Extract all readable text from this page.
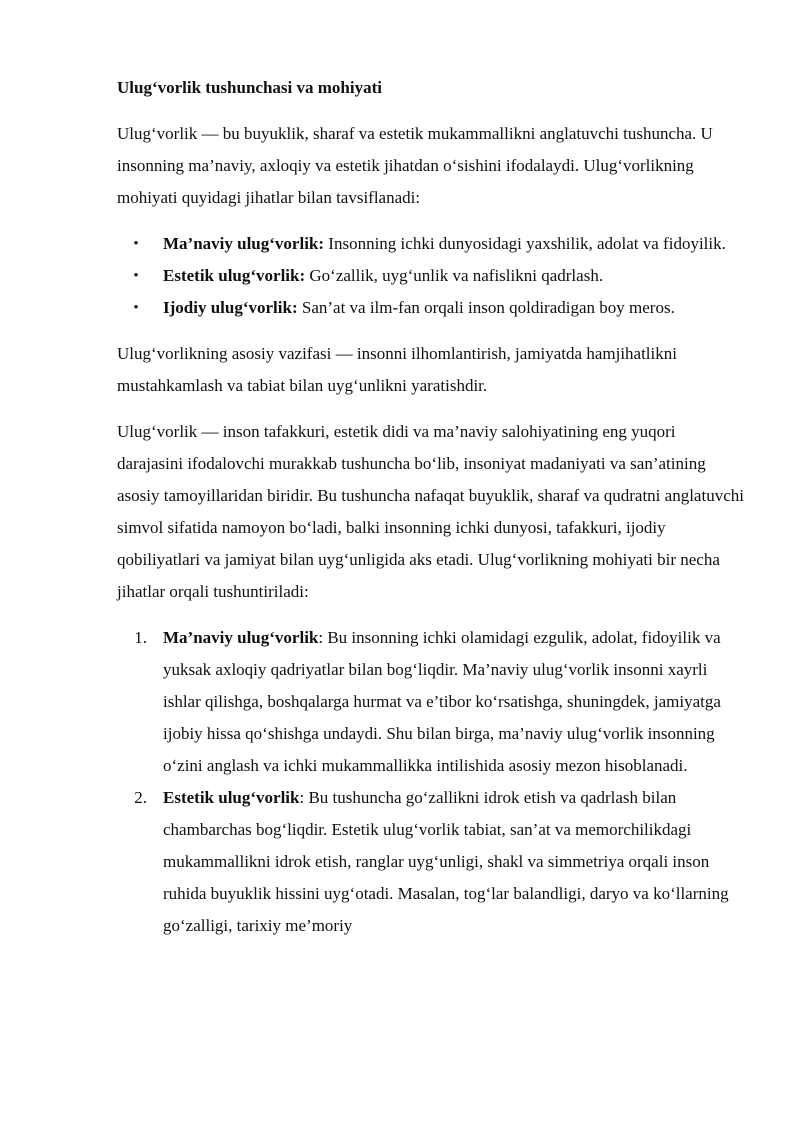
Ulug‘vorlik tushunchasi va mohiyati

Ulug‘vorlik — bu buyuklik, sharaf va estetik mukammallikni anglatuvchi tushuncha. U insonning ma’naviy, axloqiy va estetik jihatdan o‘sishini ifodalaydi. Ulug‘vorlikning mohiyati quyidagi jihatlar bilan tavsiflanadi:

•	Ma’naviy ulug‘vorlik: Insonning ichki dunyosidagi yaxshilik, adolat va fidoyilik.
•	Estetik ulug‘vorlik: Go‘zallik, uyg‘unlik va nafislikni qadrlash.
•	Ijodiy ulug‘vorlik: San’at va ilm-fan orqali inson qoldiradigan boy meros.

Ulug‘vorlikning asosiy vazifasi — insonni ilhomlantirish, jamiyatda hamjihatlikni mustahkamlash va tabiat bilan uyg‘unlikni yaratishdir.

Ulug‘vorlik — inson tafakkuri, estetik didi va ma’naviy salohiyatining eng yuqori darajasini ifodalovchi murakkab tushuncha bo‘lib, insoniyat madaniyati va san’atining asosiy tamoyillaridan biridir. Bu tushuncha nafaqat buyuklik, sharaf va qudratni anglatuvchi simvol sifatida namoyon bo‘ladi, balki insonning ichki dunyosi, tafakkuri, ijodiy qobiliyatlari va jamiyat bilan uyg‘unligida aks etadi. Ulug‘vorlikning mohiyati bir necha jihatlar orqali tushuntiriladi:

1. Ma’naviy ulug‘vorlik: Bu insonning ichki olamidagi ezgulik, adolat, fidoyilik va yuksak axloqiy qadriyatlar bilan bog‘liqdir. Ma’naviy ulug‘vorlik insonni xayrli ishlar qilishga, boshqalarga hurmat va e’tibor ko‘rsatishga, shuningdek, jamiyatga ijobiy hissa qo‘shishga undaydi. Shu bilan birga, ma’naviy ulug‘vorlik insonning o‘zini anglash va ichki mukammallikka intilishida asosiy mezon hisoblanadi.
2. Estetik ulug‘vorlik: Bu tushuncha go‘zallikni idrok etish va qadrlash bilan chambarchas bog‘liqdir. Estetik ulug‘vorlik tabiat, san’at va memorchilikdagi mukammallikni idrok etish, ranglar uyg‘unligi, shakl va simmetriya orqali inson ruhida buyuklik hissini uyg‘otadi. Masalan, tog‘lar balandligi, daryo va ko‘llarning go‘zalligi, tarixiy me’moriy
